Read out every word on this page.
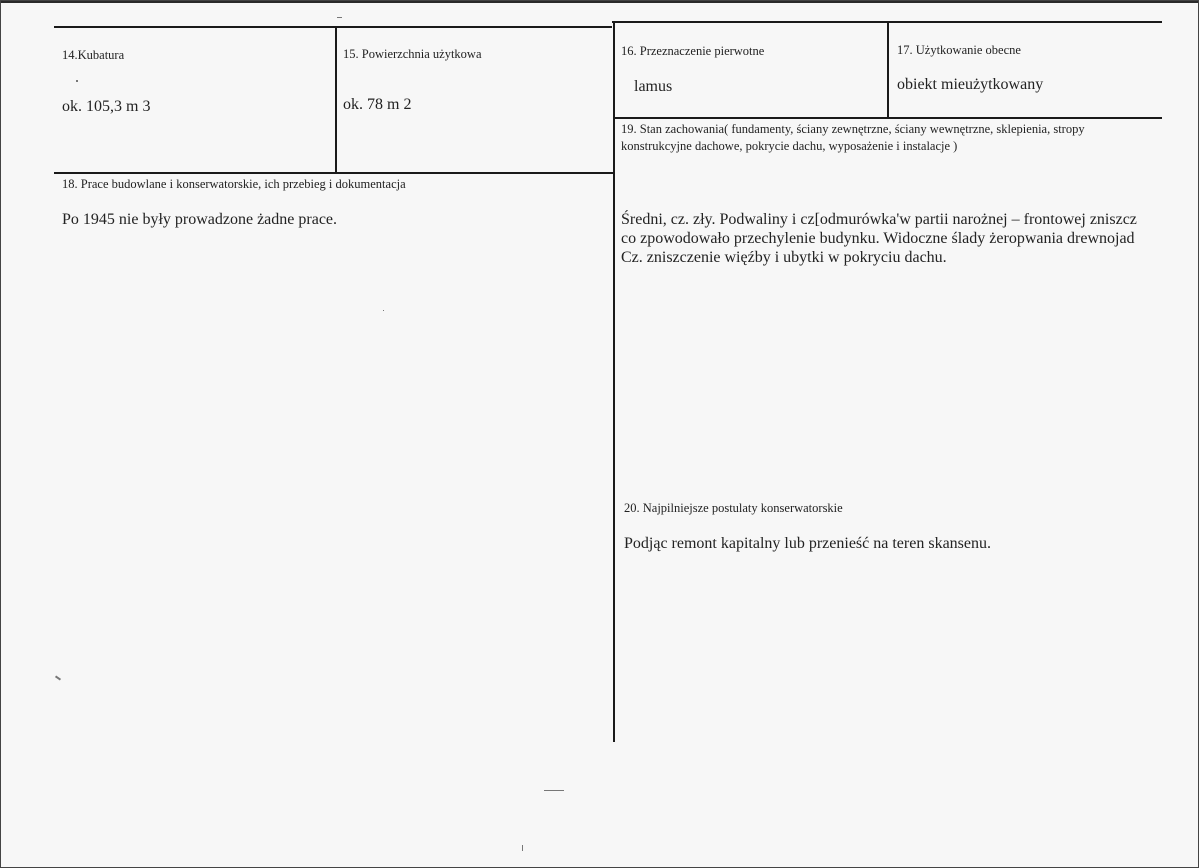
14.Kubatura
ok. 105,3 m 3
15. Powierzchnia użytkowa
ok. 78 m 2
16. Przeznaczenie pierwotne
lamus
17. Użytkowanie obecne
obiekt mieużytkowany
18. Prace budowlane i konserwatorskie, ich przebieg i dokumentacja
Po 1945 nie były prowadzone żadne prace.
19. Stan zachowania( fundamenty, ściany zewnętrzne, ściany wewnętrzne, sklepienia, stropy
konstrukcyjne dachowe, pokrycie dachu, wyposażenie i instalacje )
Średni, cz. zły. Podwaliny i cz[odmurówka'w partii narożnej – frontowej zniszcz
co zpowodowało przechylenie budynku. Widoczne ślady żeropwania drewnojad
Cz. zniszczenie więźby i ubytki w pokryciu dachu.
20. Najpilniejsze postulaty konserwatorskie
Podjąc remont kapitalny lub przenieść na teren skansenu.
